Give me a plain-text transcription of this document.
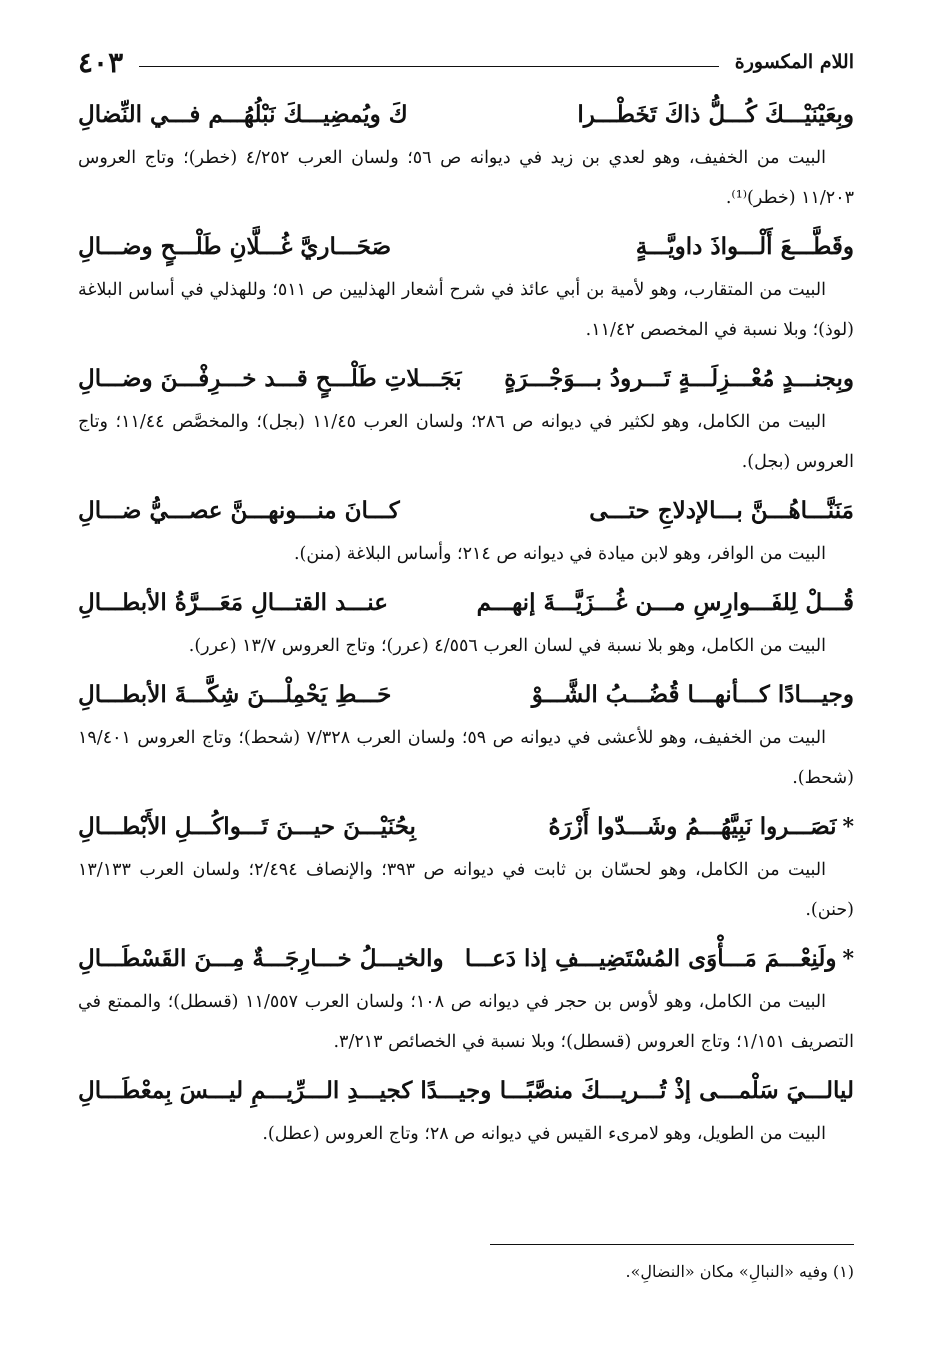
اللام المكسورة
٤٠٣
وبِعَيْنَيْـــكَ كُـــلُّ ذاكَ تَخَطْـــرا
كَ ويُمضِيـــكَ نَبْلُهُـــم فـــي النِّضالِ
البيت من الخفيف، وهو لعدي بن زيد في ديوانه ص ٥٦؛ ولسان العرب ٤/٢٥٢ (خطر)؛ وتاج العروس ١١/٢٠٣ (خطر)⁽¹⁾.
وقَطَّـــعَ أَلْـــواذَ داويَّـــةٍ
صَحَـــاريَّ غُـــلَّانِ طَلْـــحٍ وضـــالِ
البيت من المتقارب، وهو لأمية بن أبي عائذ في شرح أشعار الهذليين ص ٥١١؛ وللهذلي في أساس البلاغة (لوذ)؛ وبلا نسبة في المخصص ١١/٤٢.
وبِجنـــدٍ مُعْـــزِلَـــةٍ تَـــرودُ بـــوَجْـــرَةٍ
بَجَـــلاتِ طَلْـــحٍ قـــد خـــرِفْـــنَ وضـــالِ
البيت من الكامل، وهو لكثير في ديوانه ص ٢٨٦؛ ولسان العرب ١١/٤٥ (بجل)؛ والمخصَّص ١١/٤٤؛ وتاج العروس (بجل).
مَنَنَّـــاهُـــنَّ بـــالإدلاجِ حتـــى
كـــانَ منـــونهـــنَّ عصـــيُّ ضـــالِ
البيت من الوافر، وهو لابن ميادة في ديوانه ص ٢١٤؛ وأساس البلاغة (منن).
قُـــلْ لِلفَـــوارِسِ مـــن غُـــزَيَّـــةَ إنهـــم
عنـــد القتـــالِ مَعَـــرَّةُ الأبطـــالِ
البيت من الكامل، وهو بلا نسبة في لسان العرب ٤/٥٥٦ (عرر)؛ وتاج العروس ١٣/٧ (عرر).
وجيـــادًا كـــأنهـــا قُضُـــبُ الشَّـــوْ
حَـــطِ يَحْمِلْـــنَ شِكَّـــةَ الأبطـــالِ
البيت من الخفيف، وهو للأعشى في ديوانه ص ٥٩؛ ولسان العرب ٧/٣٢٨ (شحط)؛ وتاج العروس ١٩/٤٠١ (شحط).
*نَصَـــروا نَبِيَّهُـــمُ وشَـــدّوا أَزْرَهُ
بِحُنَيْـــنَ حيـــنَ تَـــواكُـــلِ الأَبْطـــالِ
البيت من الكامل، وهو لحسّان بن ثابت في ديوانه ص ٣٩٣؛ والإنصاف ٢/٤٩٤؛ ولسان العرب ١٣/١٣٣ (حنن).
*ولَنِعْـــمَ مَـــأْوَى المُسْتَضِيـــفِ إذا دَعـــا
والخيـــلُ خـــارِجَـــةٌ مِـــنَ القَسْطَـــالِ
البيت من الكامل، وهو لأوس بن حجر في ديوانه ص ١٠٨؛ ولسان العرب ١١/٥٥٧ (قسطل)؛ والممتع في التصريف ١/١٥١؛ وتاج العروس (قسطل)؛ وبلا نسبة في الخصائص ٣/٢١٣.
ليالـــيَ سَلْمـــى إذْ تُـــريـــكَ منصَّبًـــا
وجيـــدًا كجيـــدِ الـــرِّيـــمِ ليـــسَ بِمعْطَـــالِ
البيت من الطويل، وهو لامرىء القيس في ديوانه ص ٢٨؛ وتاج العروس (عطل).
(١) وفيه «النبالِ» مكان «النضالِ».
